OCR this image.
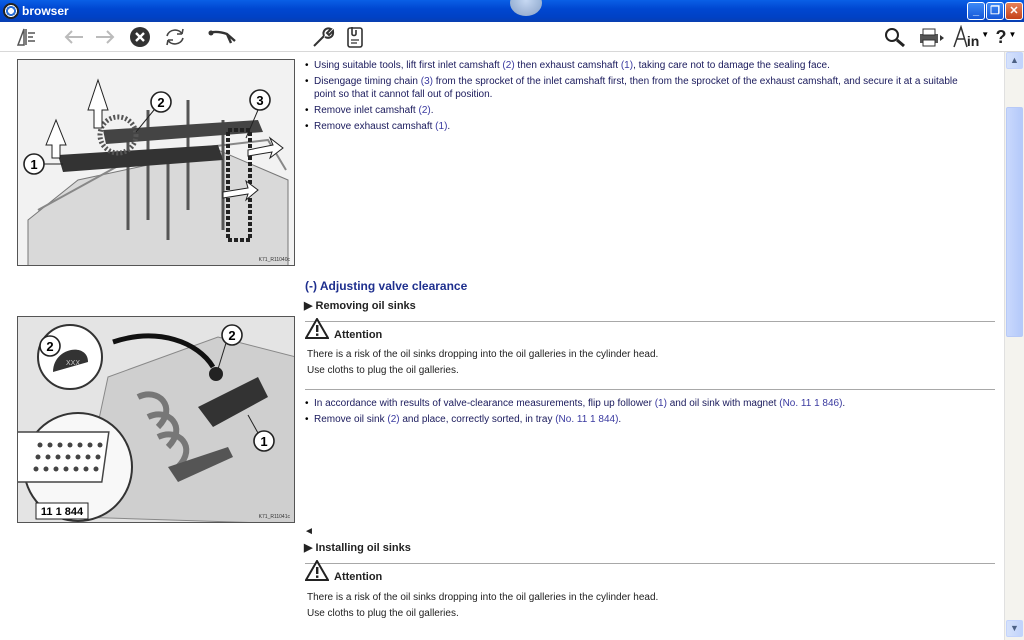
browser	_	❐ ✕
in ▼ ? ▼
1
2	3
K71_R11040c
• Using suitable tools, lift first inlet camshaft (2) then exhaust camshaft (1), taking care not to damage the sealing face.
• Disengage timing chain (3) from the sprocket of the inlet camshaft first, then from the sprocket of the exhaust camshaft, and secure it at a suitable
point so that it cannot fall out of position.
• Remove inlet camshaft (2).
• Remove exhaust camshaft (1).
(-) Adjusting valve clearance
▶ Removing oil sinks
Attention
There is a risk of the oil sinks dropping into the oil galleries in the cylinder head.
Use cloths to plug the oil galleries.
• In accordance with results of valve-clearance measurements, flip up follower (1) and oil sink with magnet (No. 11 1 846).
• Remove oil sink (2) and place, correctly sorted, in tray (No. 11 1 844).
XXX
2
2
1
11 1 844	K71_R11041c
◄
▶ Installing oil sinks
Attention
There is a risk of the oil sinks dropping into the oil galleries in the cylinder head.
Use cloths to plug the oil galleries.
▲
▼
